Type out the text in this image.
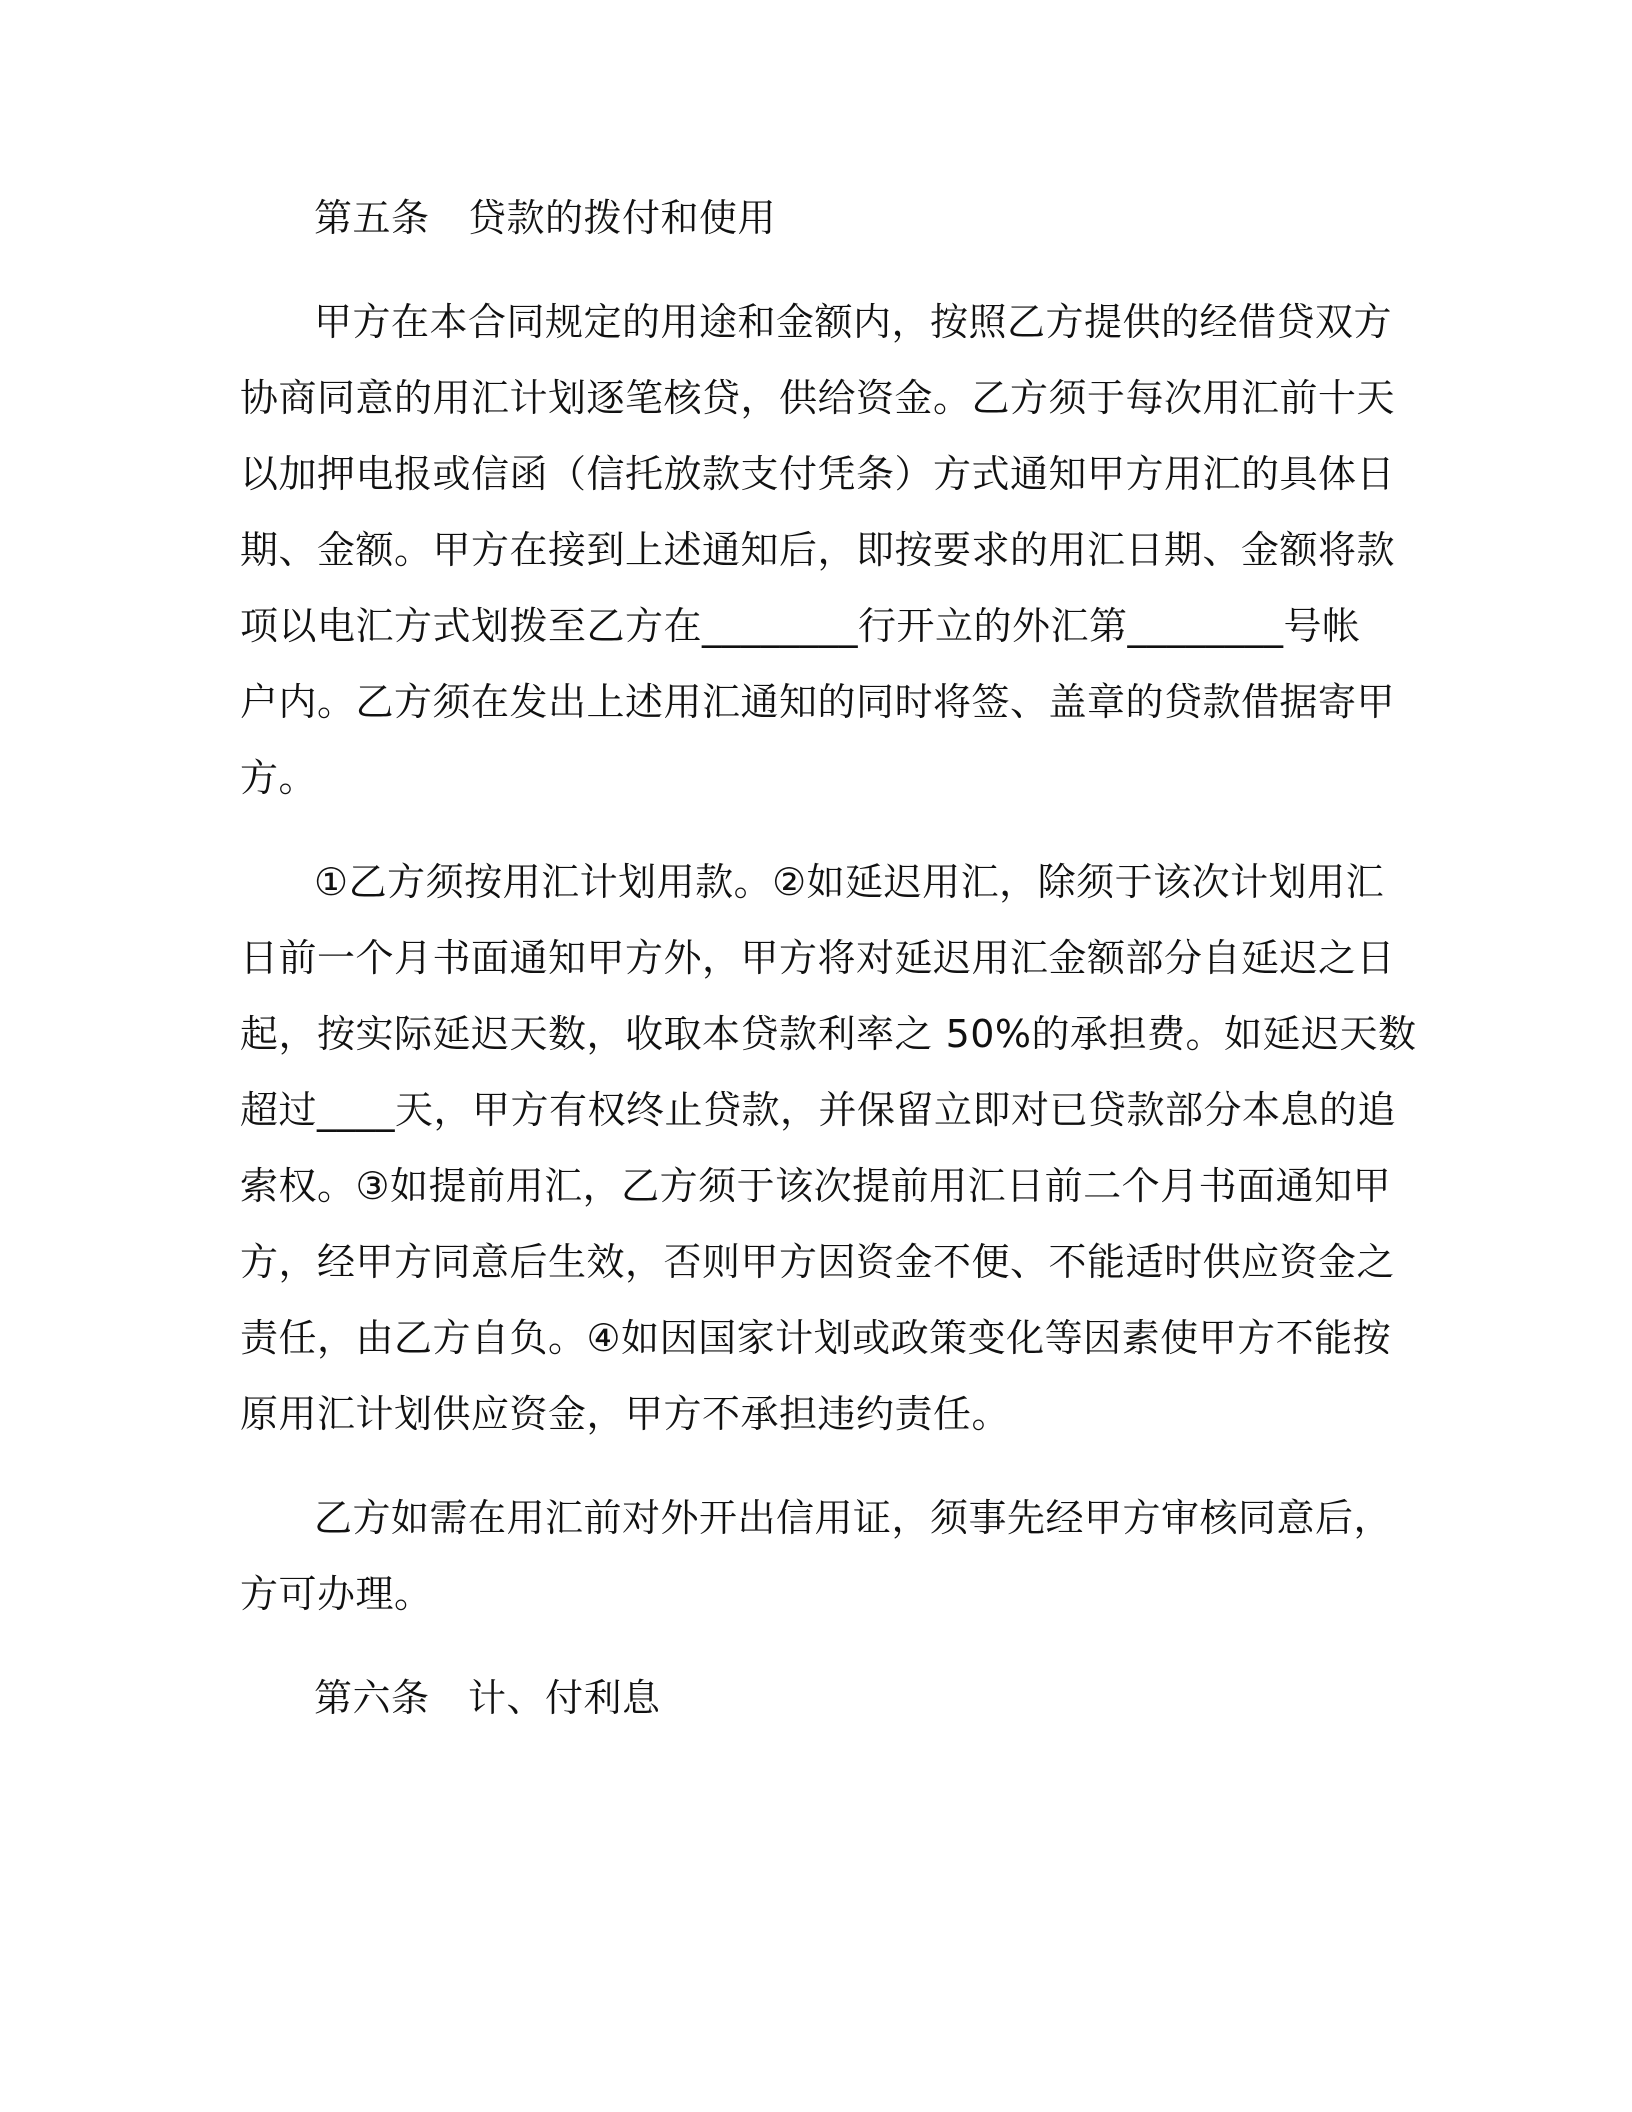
第五条　贷款的拨付和使用
甲方在本合同规定的用途和金额内，按照乙方提供的经借贷双方
协商同意的用汇计划逐笔核贷，供给资金。乙方须于每次用汇前十天
以加押电报或信函（信托放款支付凭条）方式通知甲方用汇的具体日
期、金额。甲方在接到上述通知后，即按要求的用汇日期、金额将款
项以电汇方式划拨至乙方在________行开立的外汇第________号帐
户内。乙方须在发出上述用汇通知的同时将签、盖章的贷款借据寄甲
方。
①乙方须按用汇计划用款。②如延迟用汇，除须于该次计划用汇
日前一个月书面通知甲方外，甲方将对延迟用汇金额部分自延迟之日
起，按实际延迟天数，收取本贷款利率之 50%的承担费。如延迟天数
超过____天，甲方有权终止贷款，并保留立即对已贷款部分本息的追
索权。③如提前用汇，乙方须于该次提前用汇日前二个月书面通知甲
方，经甲方同意后生效，否则甲方因资金不便、不能适时供应资金之
责任，由乙方自负。④如因国家计划或政策变化等因素使甲方不能按
原用汇计划供应资金，甲方不承担违约责任。
乙方如需在用汇前对外开出信用证，须事先经甲方审核同意后，
方可办理。
第六条　计、付利息
